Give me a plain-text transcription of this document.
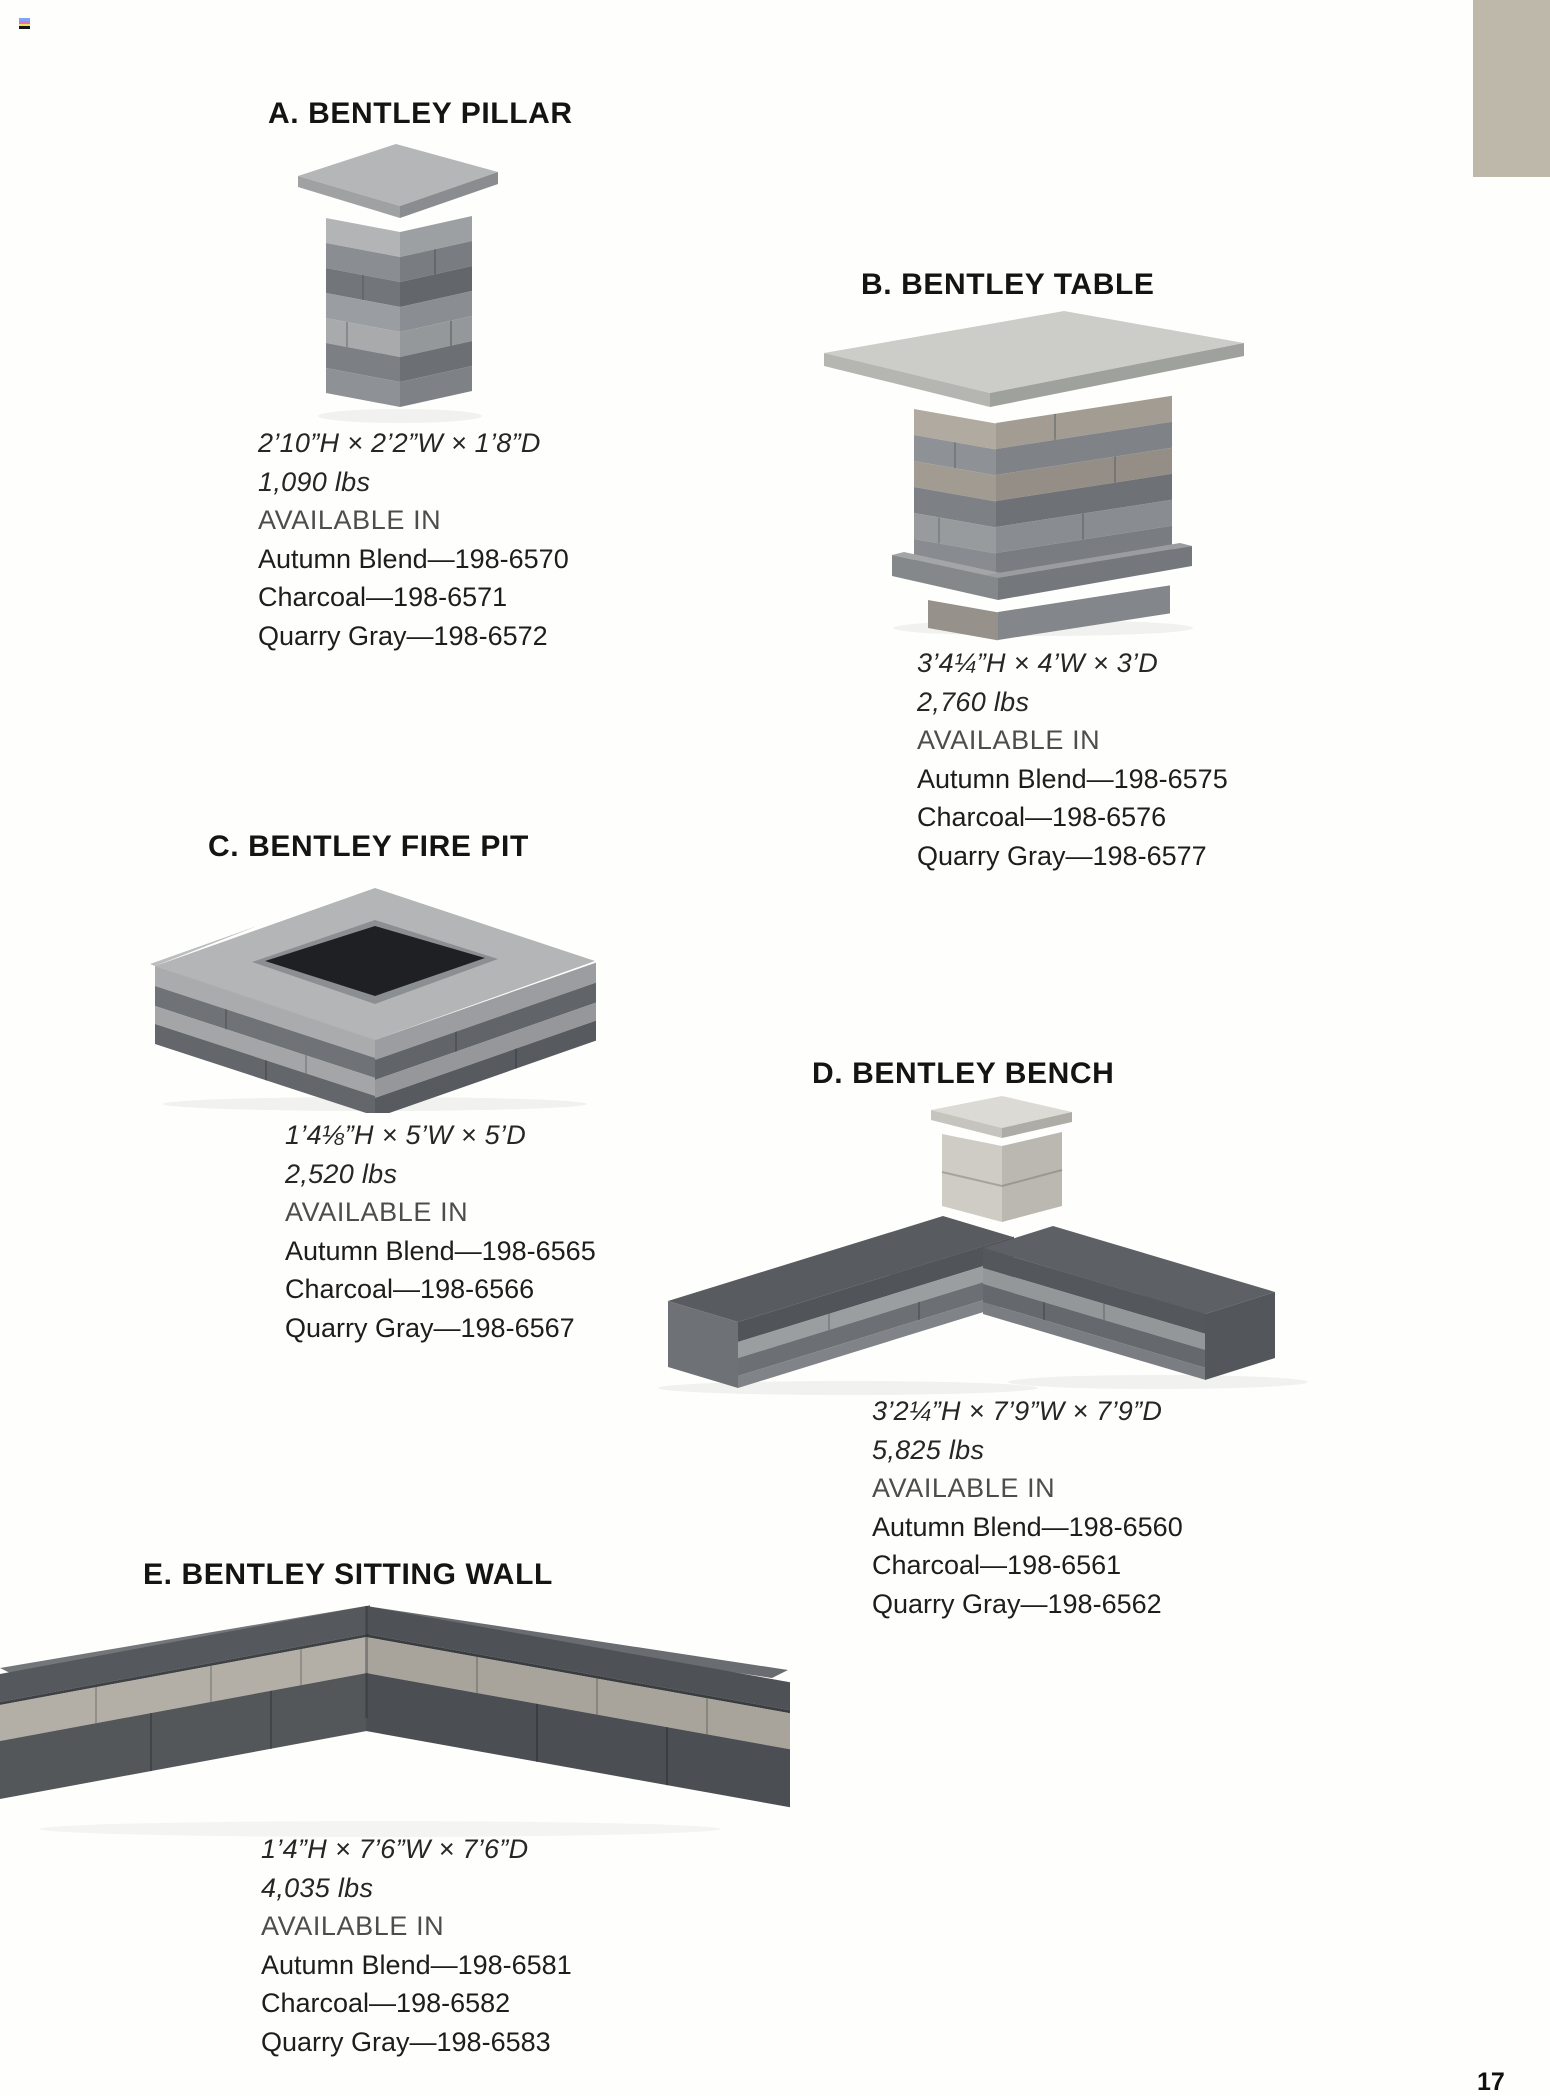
A. BENTLEY PILLAR
2’10”H × 2’2”W × 1’8”D
1,090 lbs
AVAILABLE IN
Autumn Blend—198-6570
Charcoal—198-6571
Quarry Gray—198-6572
B. BENTLEY TABLE
3’4¼”H × 4’W × 3’D
2,760 lbs
AVAILABLE IN
Autumn Blend—198-6575
Charcoal—198-6576
Quarry Gray—198-6577
C. BENTLEY FIRE PIT
1’4⅛”H × 5’W × 5’D
2,520 lbs
AVAILABLE IN
Autumn Blend—198-6565
Charcoal—198-6566
Quarry Gray—198-6567
D. BENTLEY BENCH
3’2¼”H × 7’9”W × 7’9”D
5,825 lbs
AVAILABLE IN
Autumn Blend—198-6560
Charcoal—198-6561
Quarry Gray—198-6562
E. BENTLEY SITTING WALL
1’4”H × 7’6”W × 7’6”D
4,035 lbs
AVAILABLE IN
Autumn Blend—198-6581
Charcoal—198-6582
Quarry Gray—198-6583
17
